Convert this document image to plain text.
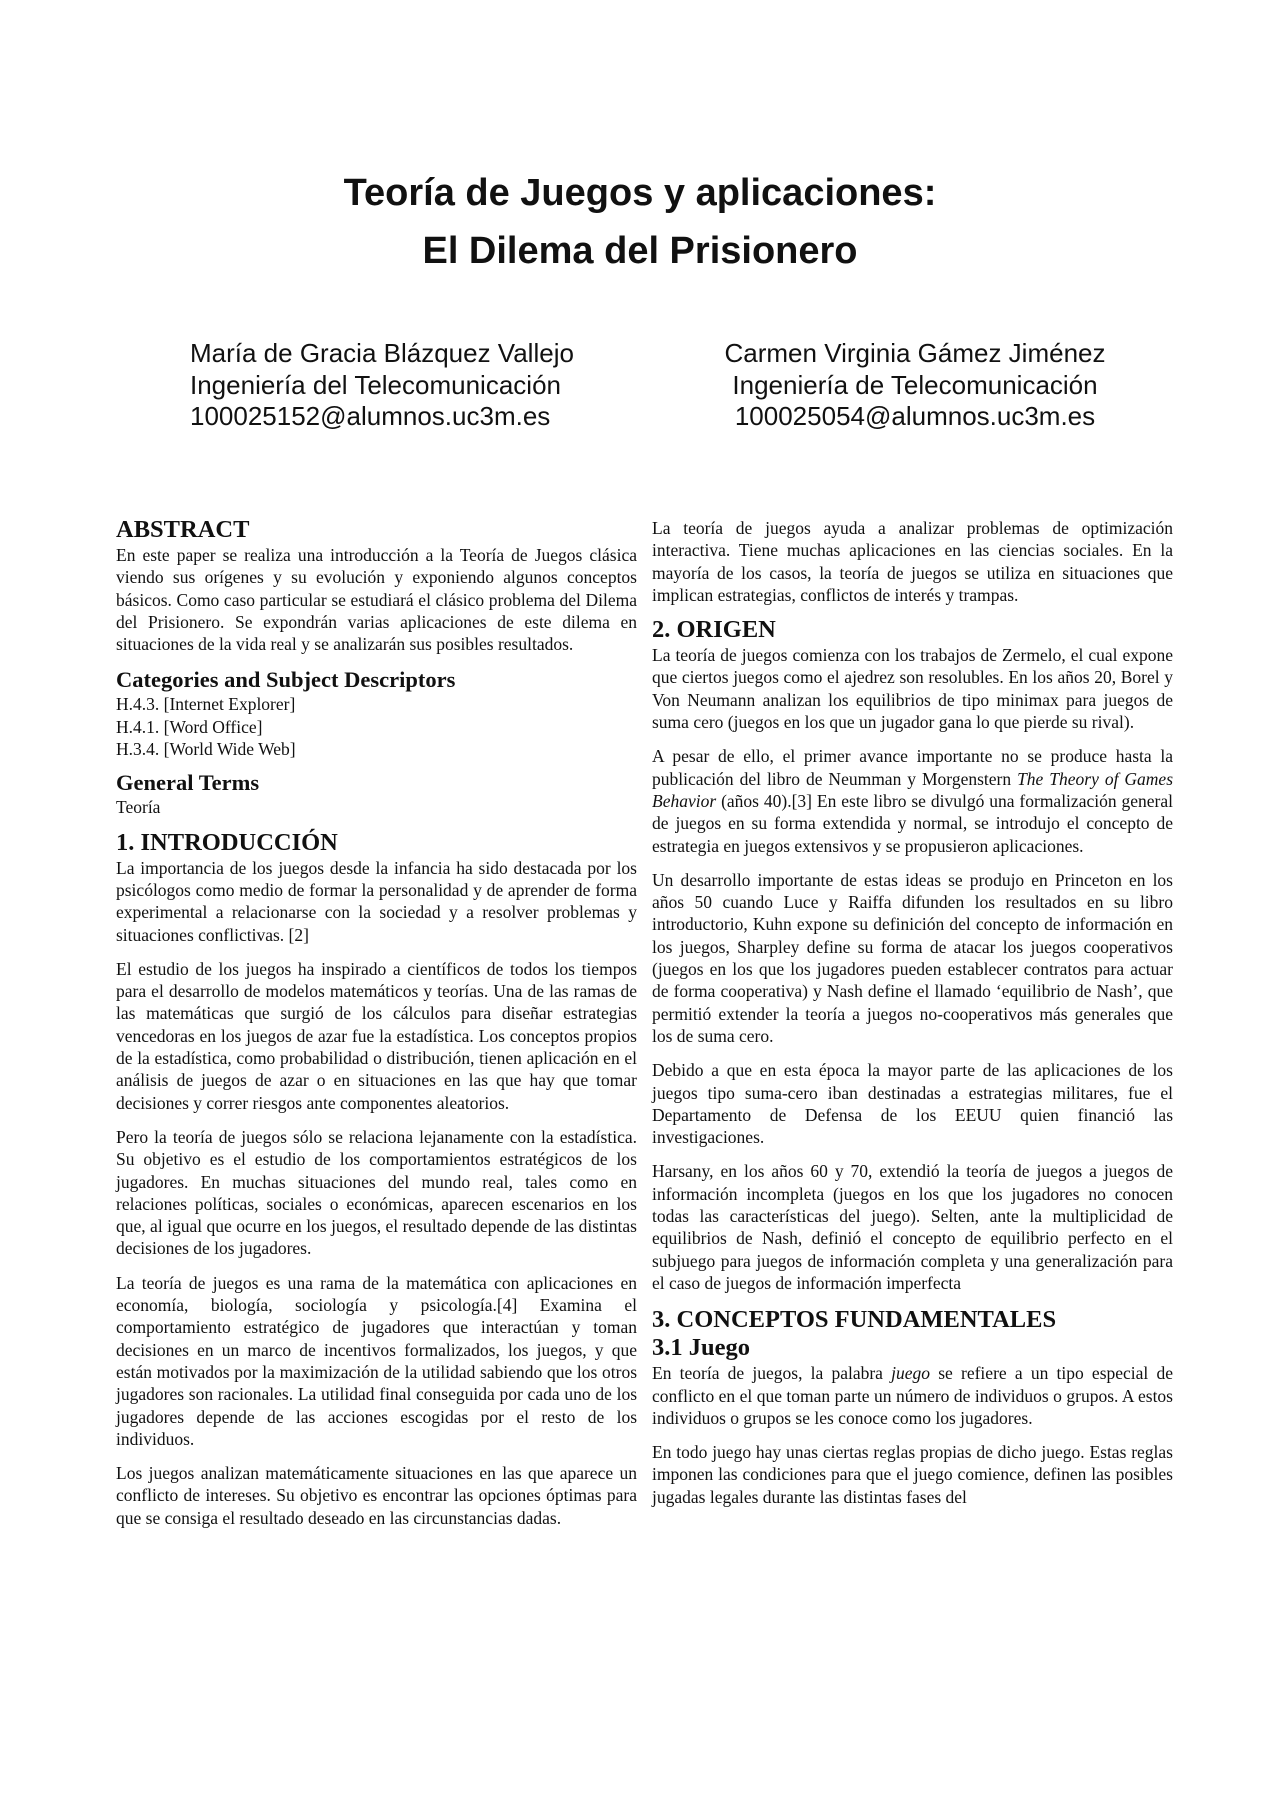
Teoría de Juegos y aplicaciones:
El Dilema del Prisionero
María de Gracia Blázquez Vallejo
Ingeniería del Telecomunicación
100025152@alumnos.uc3m.es
Carmen Virginia Gámez Jiménez
Ingeniería de Telecomunicación
100025054@alumnos.uc3m.es
ABSTRACT

En este paper se realiza una introducción a la Teoría de Juegos clásica viendo sus orígenes y su evolución y exponiendo algunos conceptos básicos. Como caso particular se estudiará el clásico problema del Dilema del Prisionero. Se expondrán varias aplicaciones de este dilema en situaciones de la vida real y se analizarán sus posibles resultados.

Categories and Subject Descriptors
H.4.3. [Internet Explorer]
H.4.1. [Word Office]
H.3.4. [World Wide Web]
General Terms
Teoría
1. INTRODUCCIÓN

La importancia de los juegos desde la infancia ha sido destacada por los psicólogos como medio de formar la personalidad y de aprender de forma experimental a relacionarse con la sociedad y a resolver problemas y situaciones conflictivas. [2]

El estudio de los juegos ha inspirado a científicos de todos los tiempos para el desarrollo de modelos matemáticos y teorías. Una de las ramas de las matemáticas que surgió de los cálculos para diseñar estrategias vencedoras en los juegos de azar fue la estadística. Los conceptos propios de la estadística, como probabilidad o distribución, tienen aplicación en el análisis de juegos de azar o en situaciones en las que hay que tomar decisiones y correr riesgos ante componentes aleatorios.

Pero la teoría de juegos sólo se relaciona lejanamente con la estadística. Su objetivo es el estudio de los comportamientos estratégicos de los jugadores. En muchas situaciones del mundo real, tales como en relaciones políticas, sociales o económicas, aparecen escenarios en los que, al igual que ocurre en los juegos, el resultado depende de las distintas decisiones de los jugadores.

La teoría de juegos es una rama de la matemática con aplicaciones en economía, biología, sociología y psicología.[4] Examina el comportamiento estratégico de jugadores que interactúan y toman decisiones en un marco de incentivos formalizados, los juegos, y que están motivados por la maximización de la utilidad sabiendo que los otros jugadores son racionales. La utilidad final conseguida por cada uno de los jugadores depende de las acciones escogidas por el resto de los individuos.

Los juegos analizan matemáticamente situaciones en las que aparece un conflicto de intereses. Su objetivo es encontrar las opciones óptimas para que se consiga el resultado deseado en las circunstancias dadas.

La teoría de juegos ayuda a analizar problemas de optimización interactiva. Tiene muchas aplicaciones en las ciencias sociales. En la mayoría de los casos, la teoría de juegos se utiliza en situaciones que implican estrategias, conflictos de interés y trampas.

2. ORIGEN

La teoría de juegos comienza con los trabajos de Zermelo, el cual expone que ciertos juegos como el ajedrez son resolubles. En los años 20, Borel y Von Neumann analizan los equilibrios de tipo minimax para juegos de suma cero (juegos en los que un jugador gana lo que pierde su rival).

A pesar de ello, el primer avance importante no se produce hasta la publicación del libro de Neumman y Morgenstern The Theory of Games Behavior (años 40).[3] En este libro se divulgó una formalización general de juegos en su forma extendida y normal, se introdujo el concepto de estrategia en juegos extensivos y se propusieron aplicaciones.

Un desarrollo importante de estas ideas se produjo en Princeton en los años 50 cuando Luce y Raiffa difunden los resultados en su libro introductorio, Kuhn expone su definición del concepto de información en los juegos, Sharpley define su forma de atacar los juegos cooperativos (juegos en los que los jugadores pueden establecer contratos para actuar de forma cooperativa) y Nash define el llamado ‘equilibrio de Nash’, que permitió extender la teoría a juegos no-cooperativos más generales que los de suma cero.

Debido a que en esta época la mayor parte de las aplicaciones de los juegos tipo suma-cero iban destinadas a estrategias militares, fue el Departamento de Defensa de los EEUU quien financió las investigaciones.

Harsany, en los años 60 y 70, extendió la teoría de juegos a juegos de información incompleta (juegos en los que los jugadores no conocen todas las características del juego). Selten, ante la multiplicidad de equilibrios de Nash, definió el concepto de equilibrio perfecto en el subjuego para juegos de información completa y una generalización para el caso de juegos de información imperfecta

3. CONCEPTOS FUNDAMENTALES
3.1 Juego

En teoría de juegos, la palabra juego se refiere a un tipo especial de conflicto en el que toman parte un número de individuos o grupos. A estos individuos o grupos se les conoce como los jugadores.

En todo juego hay unas ciertas reglas propias de dicho juego. Estas reglas imponen las condiciones para que el juego comience, definen las posibles jugadas legales durante las distintas fases del
